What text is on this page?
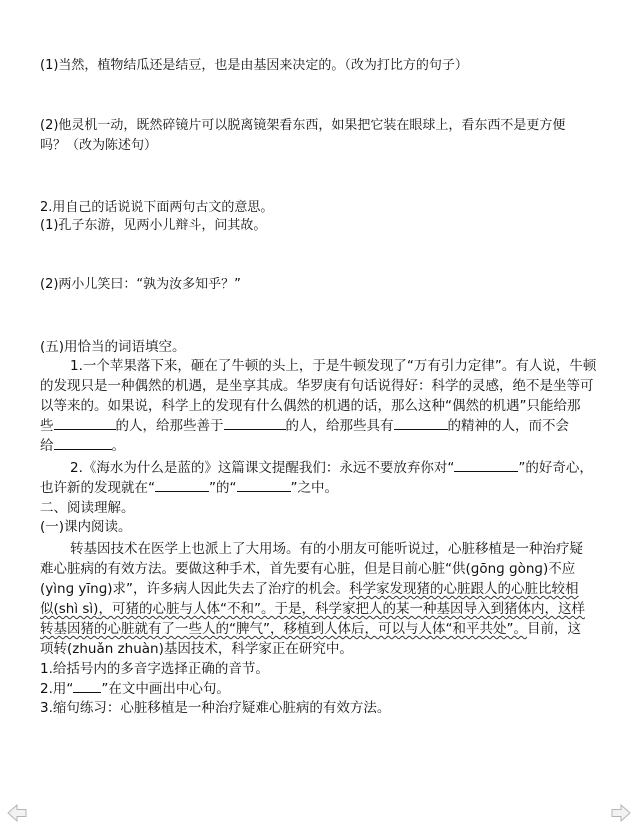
(1)当然，植物结瓜还是结豆，也是由基因来决定的。（改为打比方的句子）
(2)他灵机一动，既然碎镜片可以脱离镜架看东西，如果把它装在眼球上，看东西不是更方便
吗？（改为陈述句）
2.用自己的话说说下面两句古文的意思。
(1)孔子东游，见两小儿辩斗，问其故。
(2)两小儿笑曰：“孰为汝多知乎？”
(五)用恰当的词语填空。
1.一个苹果落下来，砸在了牛顿的头上，于是牛顿发现了“万有引力定律”。有人说，牛顿
的发现只是一种偶然的机遇，是坐享其成。华罗庚有句话说得好：科学的灵感，绝不是坐等可
以等来的。如果说，科学上的发现有什么偶然的机遇的话，那么这种“偶然的机遇”只能给那
些	的人，给那些善于	的人，给那些具有	的精神的人，而不会
给	。
2.《海水为什么是蓝的》这篇课文提醒我们：永远不要放弃你对“	”的好奇心，
也许新的发现就在“	”的“	”之中。
二、阅读理解。
(一)课内阅读。
转基因技术在医学上也派上了大用场。有的小朋友可能听说过，心脏移植是一种治疗疑
难心脏病的有效方法。要做这种手术，首先要有心脏，但是目前心脏“供(ɡōnɡ ɡònɡ)不应
(yìnɡ yīnɡ)求”，许多病人因此失去了治疗的机会。科学家发现猪的心脏跟人的心脏比较相
似(shì sì)，可猪的心脏与人体“不和”。于是，科学家把人的某一种基因导入到猪体内，这样
转基因猪的心脏就有了一些人的“脾气”，移植到人体后，可以与人体“和平共处”。目前，这
项转(zhuǎn zhuàn)基因技术，科学家正在研究中。
1.给括号内的多音字选择正确的音节。
2.用“ ”在文中画出中心句。
3.缩句练习：心脏移植是一种治疗疑难心脏病的有效方法。
